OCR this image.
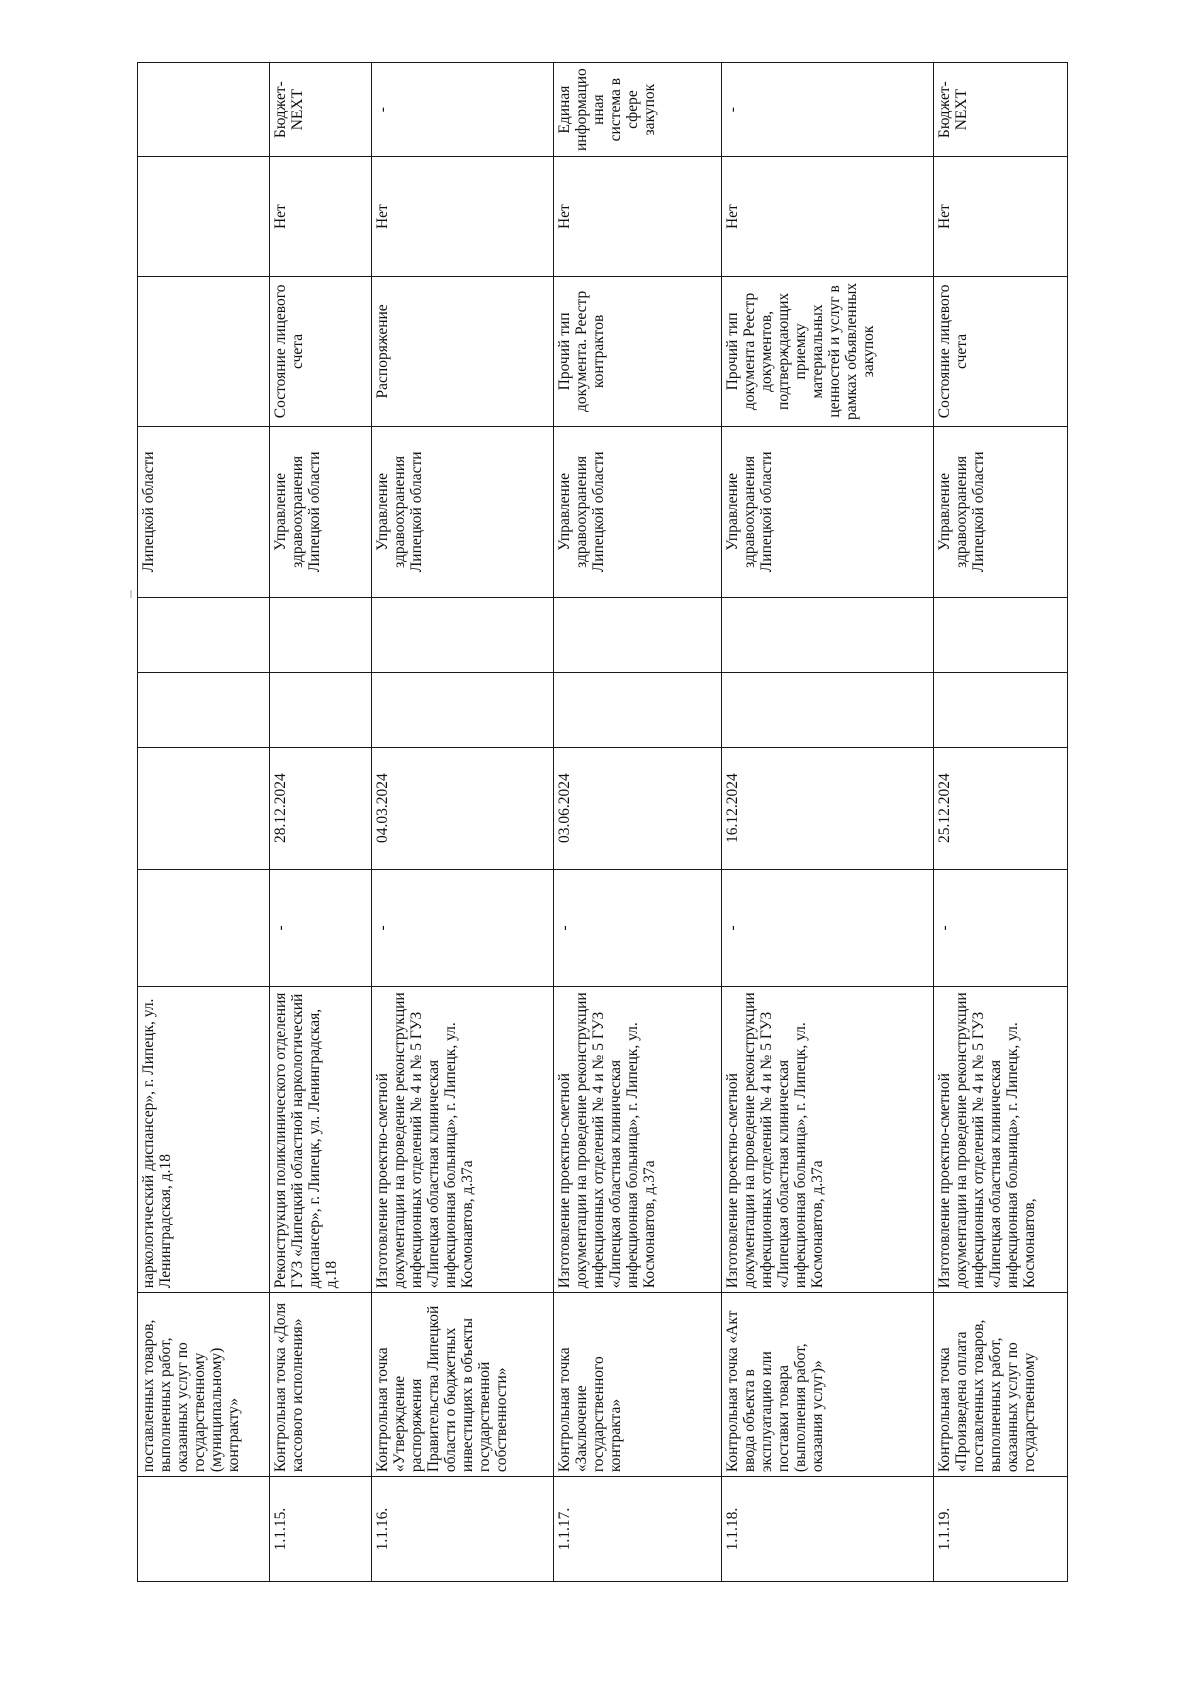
	поставленных товаров, выполненных работ, оказанных услуг по государственному (муниципальному) контракту»	наркологический диспансер», г. Липецк, ул. Ленинградская, д.18					Липецкой области			
1.1.15.	Контрольная точка «Доля кассового исполнения»	Реконструкция поликлинического отделения ГУЗ «Липецкий областной наркологический диспансер», г. Липецк, ул. Ленинградская, д.18	-	28.12.2024			Управление здравоохранения Липецкой области	Состояние лицевого счета	Нет	Бюджет-NEXT
1.1.16.	Контрольная точка «Утверждение распоряжения Правительства Липецкой области о бюджетных инвестициях в объекты государственной собственности»	Изготовление проектно-сметной документации на проведение реконструкции инфекционных отделений № 4 и № 5 ГУЗ «Липецкая областная клиническая инфекционная больница», г. Липецк, ул. Космонавтов, д.37а	-	04.03.2024			Управление здравоохранения Липецкой области	Распоряжение	Нет	-
1.1.17.	Контрольная точка «Заключение государственного контракта»	Изготовление проектно-сметной документации на проведение реконструкции инфекционных отделений № 4 и № 5 ГУЗ «Липецкая областная клиническая инфекционная больница», г. Липецк, ул. Космонавтов, д.37а	-	03.06.2024			Управление здравоохранения Липецкой области	Прочий тип документа. Реестр контрактов	Нет	Единая информационная система в сфере закупок
1.1.18.	Контрольная точка «Акт ввода объекта в эксплуатацию или поставки товара (выполнения работ, оказания услуг)»	Изготовление проектно-сметной документации на проведение реконструкции инфекционных отделений № 4 и № 5 ГУЗ «Липецкая областная клиническая инфекционная больница», г. Липецк, ул. Космонавтов, д.37а	-	16.12.2024			Управление здравоохранения Липецкой области	Прочий тип документа Реестр документов, подтверждающих приемку материальных ценностей и услуг в рамках объявленных закупок	Нет	-
1.1.19.	Контрольная точка «Произведена оплата поставленных товаров, выполненных работ, оказанных услуг по государственному	Изготовление проектно-сметной документации на проведение реконструкции инфекционных отделений № 4 и № 5 ГУЗ «Липецкая областная клиническая инфекционная больница», г. Липецк, ул. Космонавтов,	-	25.12.2024			Управление здравоохранения Липецкой области	Состояние лицевого счета	Нет	Бюджет-NEXT
